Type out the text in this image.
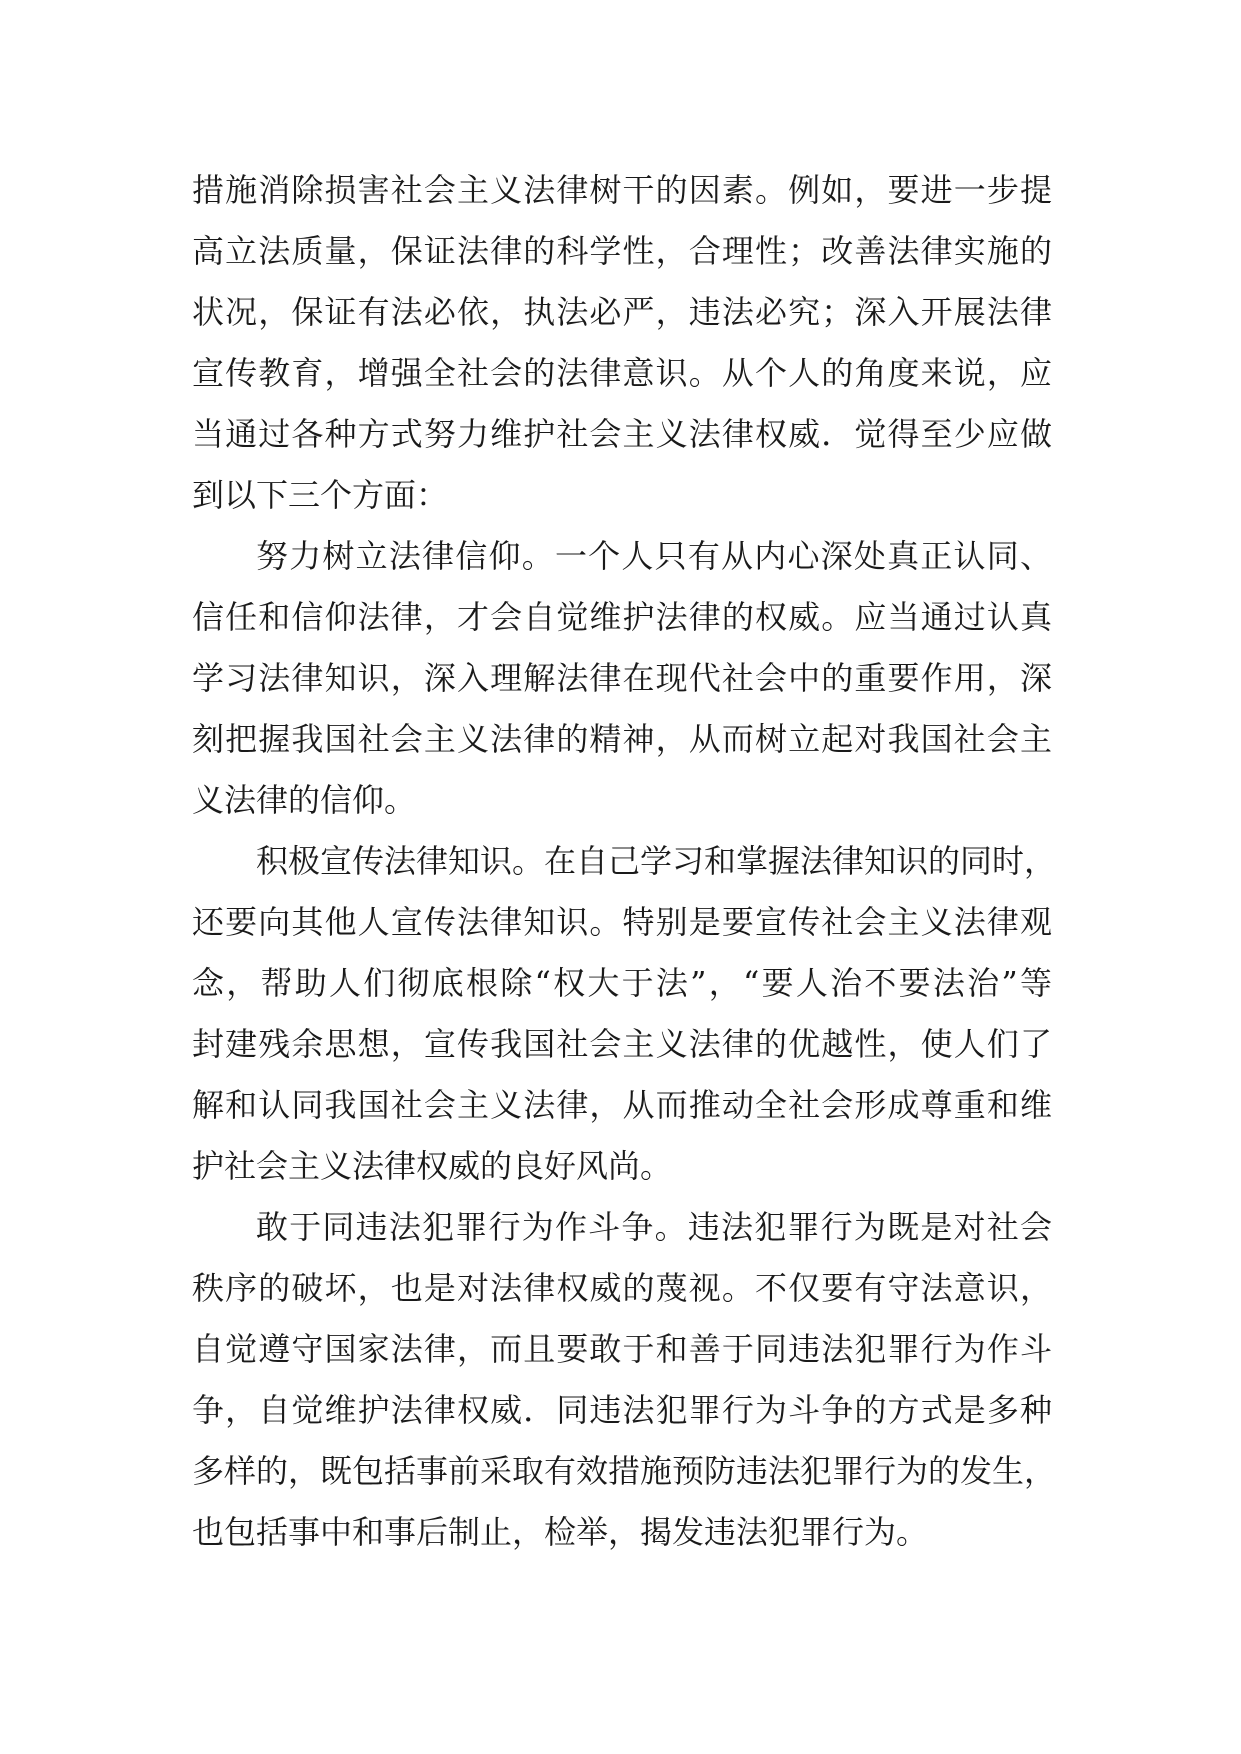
措施消除损害社会主义法律树干的因素。例如，要进一步提
高立法质量，保证法律的科学性，合理性；改善法律实施的
状况，保证有法必依，执法必严，违法必究；深入开展法律
宣传教育，增强全社会的法律意识。从个人的角度来说，应
当通过各种方式努力维护社会主义法律权威．觉得至少应做
到以下三个方面：
努力树立法律信仰。一个人只有从内心深处真正认同、
信任和信仰法律，才会自觉维护法律的权威。应当通过认真
学习法律知识，深入理解法律在现代社会中的重要作用，深
刻把握我国社会主义法律的精神，从而树立起对我国社会主
义法律的信仰。
积极宣传法律知识。在自己学习和掌握法律知识的同时，
还要向其他人宣传法律知识。特别是要宣传社会主义法律观
念，帮助人们彻底根除“权大于法”，“要人治不要法治”等
封建残余思想，宣传我国社会主义法律的优越性，使人们了
解和认同我国社会主义法律，从而推动全社会形成尊重和维
护社会主义法律权威的良好风尚。
敢于同违法犯罪行为作斗争。违法犯罪行为既是对社会
秩序的破坏，也是对法律权威的蔑视。不仅要有守法意识，
自觉遵守国家法律，而且要敢于和善于同违法犯罪行为作斗
争，自觉维护法律权威．同违法犯罪行为斗争的方式是多种
多样的，既包括事前采取有效措施预防违法犯罪行为的发生，
也包括事中和事后制止，检举，揭发违法犯罪行为。
